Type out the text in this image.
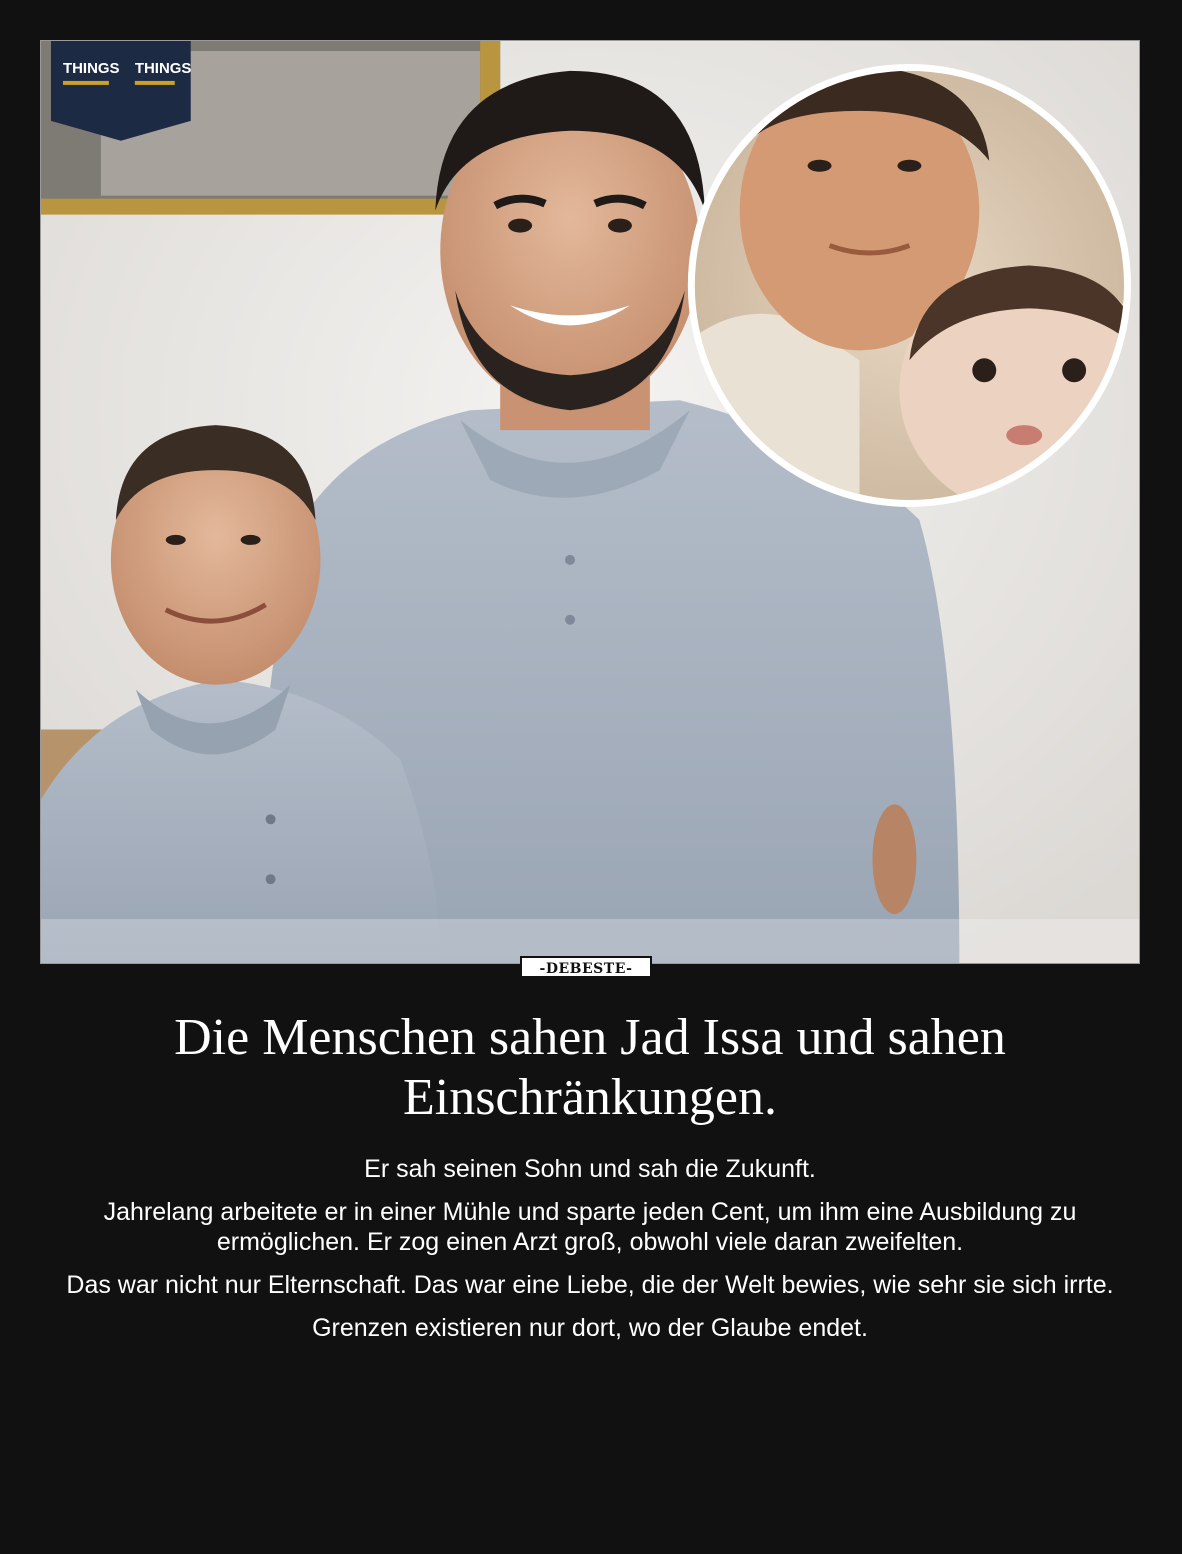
THINGS THINGS
-DEBESTE-
Die Menschen sahen Jad Issa und sahen Einschränkungen.

Er sah seinen Sohn und sah die Zukunft.

Jahrelang arbeitete er in einer Mühle und sparte jeden Cent, um ihm eine Ausbildung zu ermöglichen. Er zog einen Arzt groß, obwohl viele daran zweifelten.

Das war nicht nur Elternschaft. Das war eine Liebe, die der Welt bewies, wie sehr sie sich irrte.

Grenzen existieren nur dort, wo der Glaube endet.
